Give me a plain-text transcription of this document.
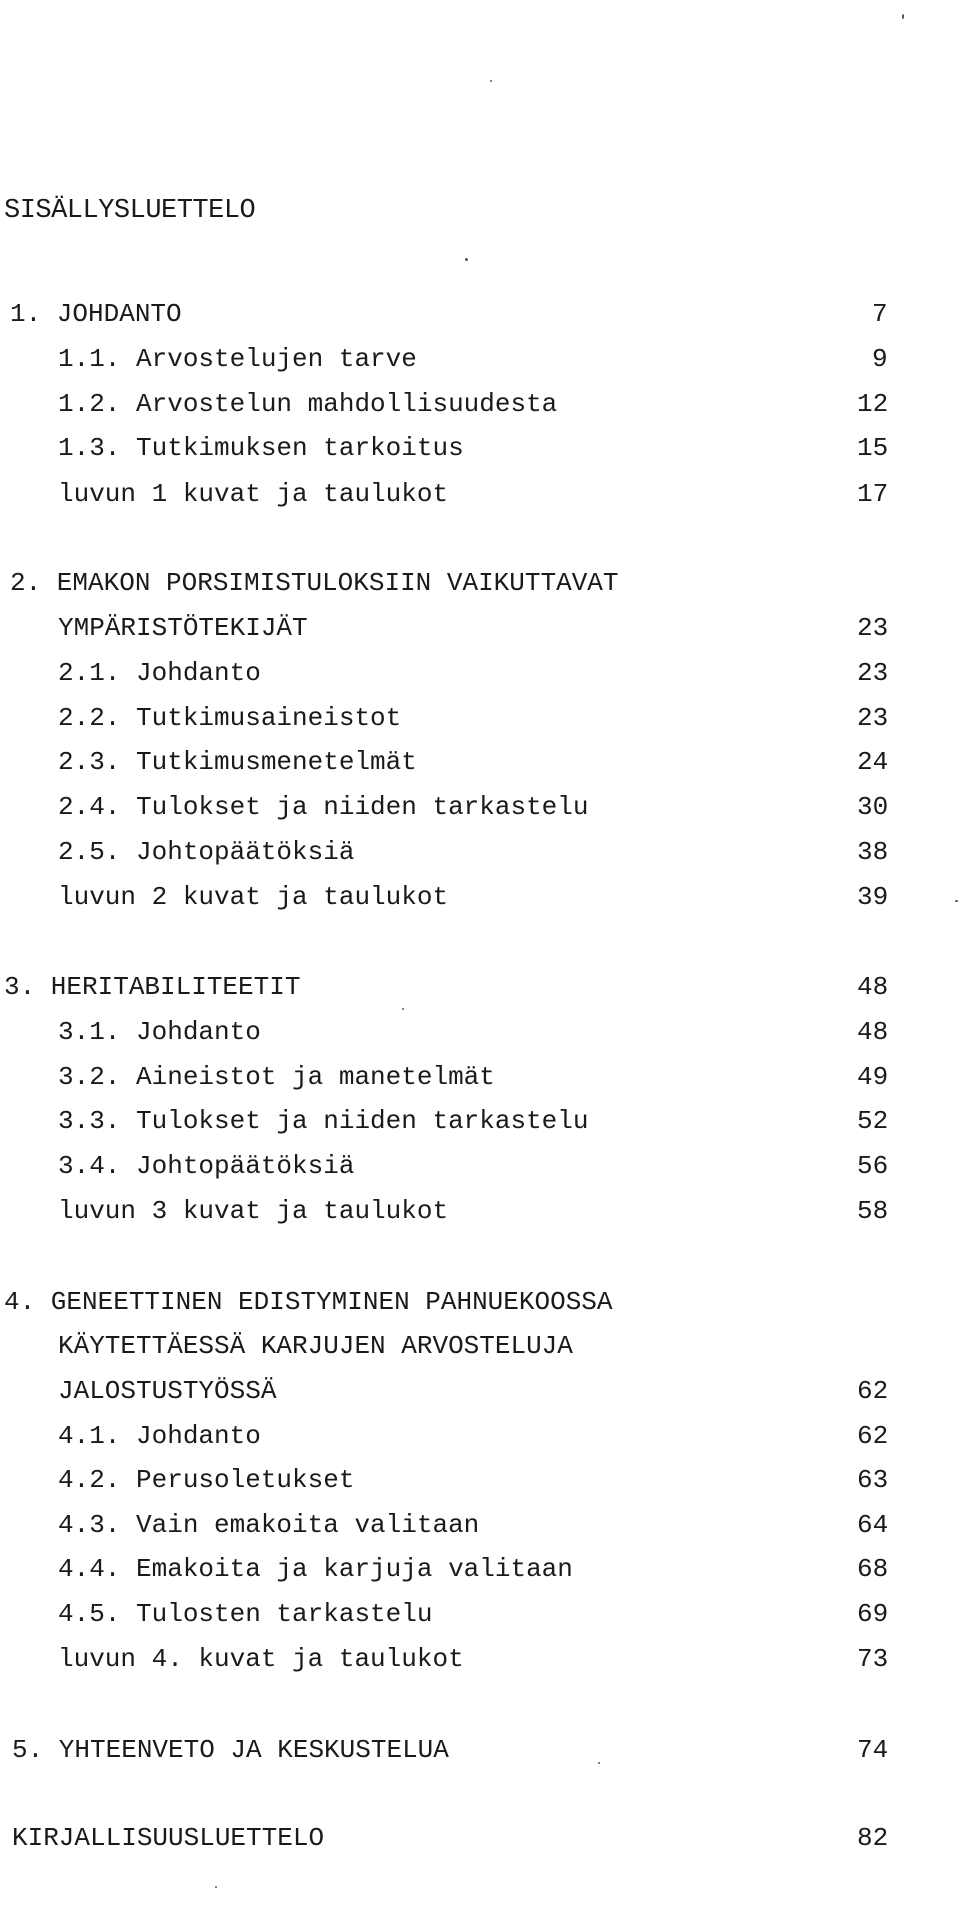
SISÄLLYSLUETTELO
1. JOHDANTO	7
1.1. Arvostelujen tarve	9
1.2. Arvostelun mahdollisuudesta	12
1.3. Tutkimuksen tarkoitus	15
luvun 1 kuvat ja taulukot	17
2. EMAKON PORSIMISTULOKSIIN VAIKUTTAVAT
YMPÄRISTÖTEKIJÄT	23
2.1. Johdanto	23
2.2. Tutkimusaineistot	23
2.3. Tutkimusmenetelmät	24
2.4. Tulokset ja niiden tarkastelu	30
2.5. Johtopäätöksiä	38
luvun 2 kuvat ja taulukot	39
3. HERITABILITEETIT	48
3.1. Johdanto	48
3.2. Aineistot ja manetelmät	49
3.3. Tulokset ja niiden tarkastelu	52
3.4. Johtopäätöksiä	56
luvun 3 kuvat ja taulukot	58
4. GENEETTINEN EDISTYMINEN PAHNUEKOOSSA
KÄYTETTÄESSÄ KARJUJEN ARVOSTELUJA
JALOSTUSTYÖSSÄ	62
4.1. Johdanto	62
4.2. Perusoletukset	63
4.3. Vain emakoita valitaan	64
4.4. Emakoita ja karjuja valitaan	68
4.5. Tulosten tarkastelu	69
luvun 4. kuvat ja taulukot	73
5. YHTEENVETO JA KESKUSTELUA	74
KIRJALLISUUSLUETTELO	82
